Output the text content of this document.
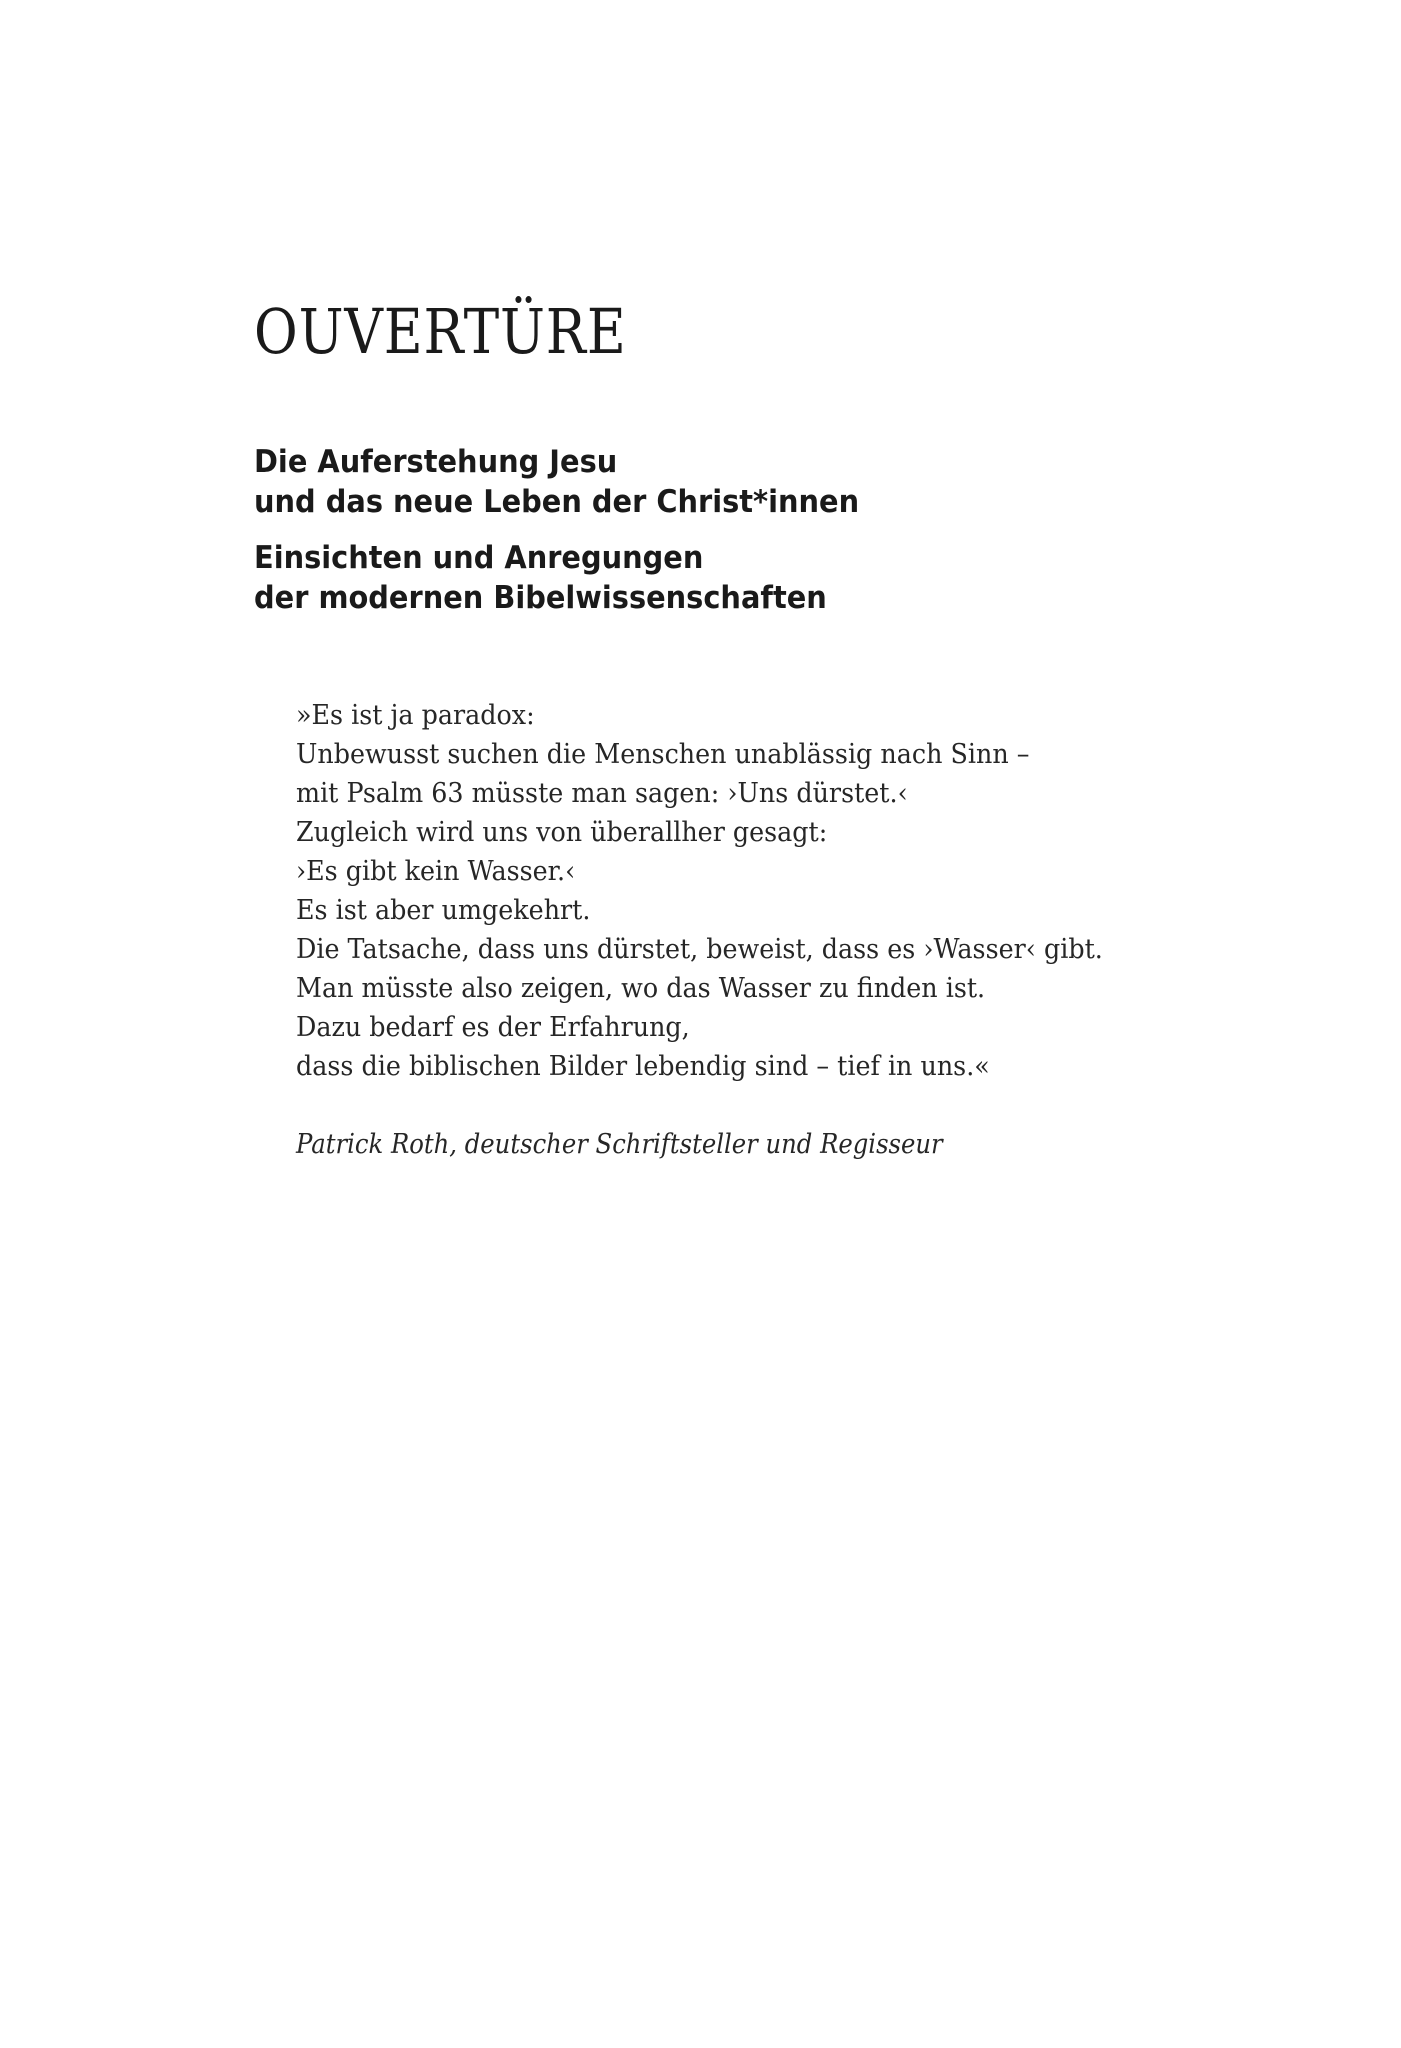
OUVERTÜRE

Die Auferstehung Jesu
und das neue Leben der Christ*innen

Einsichten und Anregungen
der modernen Bibelwissenschaften

»Es ist ja paradox:
Unbewusst suchen die Menschen unablässig nach Sinn –
mit Psalm 63 müsste man sagen: ›Uns dürstet.‹
Zugleich wird uns von überallher gesagt:
›Es gibt kein Wasser.‹
Es ist aber umgekehrt.
Die Tatsache, dass uns dürstet, beweist, dass es ›Wasser‹ gibt.
Man müsste also zeigen, wo das Wasser zu finden ist.
Dazu bedarf es der Erfahrung,
dass die biblischen Bilder lebendig sind – tief in uns.«
Patrick Roth, deutscher Schriftsteller und Regisseur
